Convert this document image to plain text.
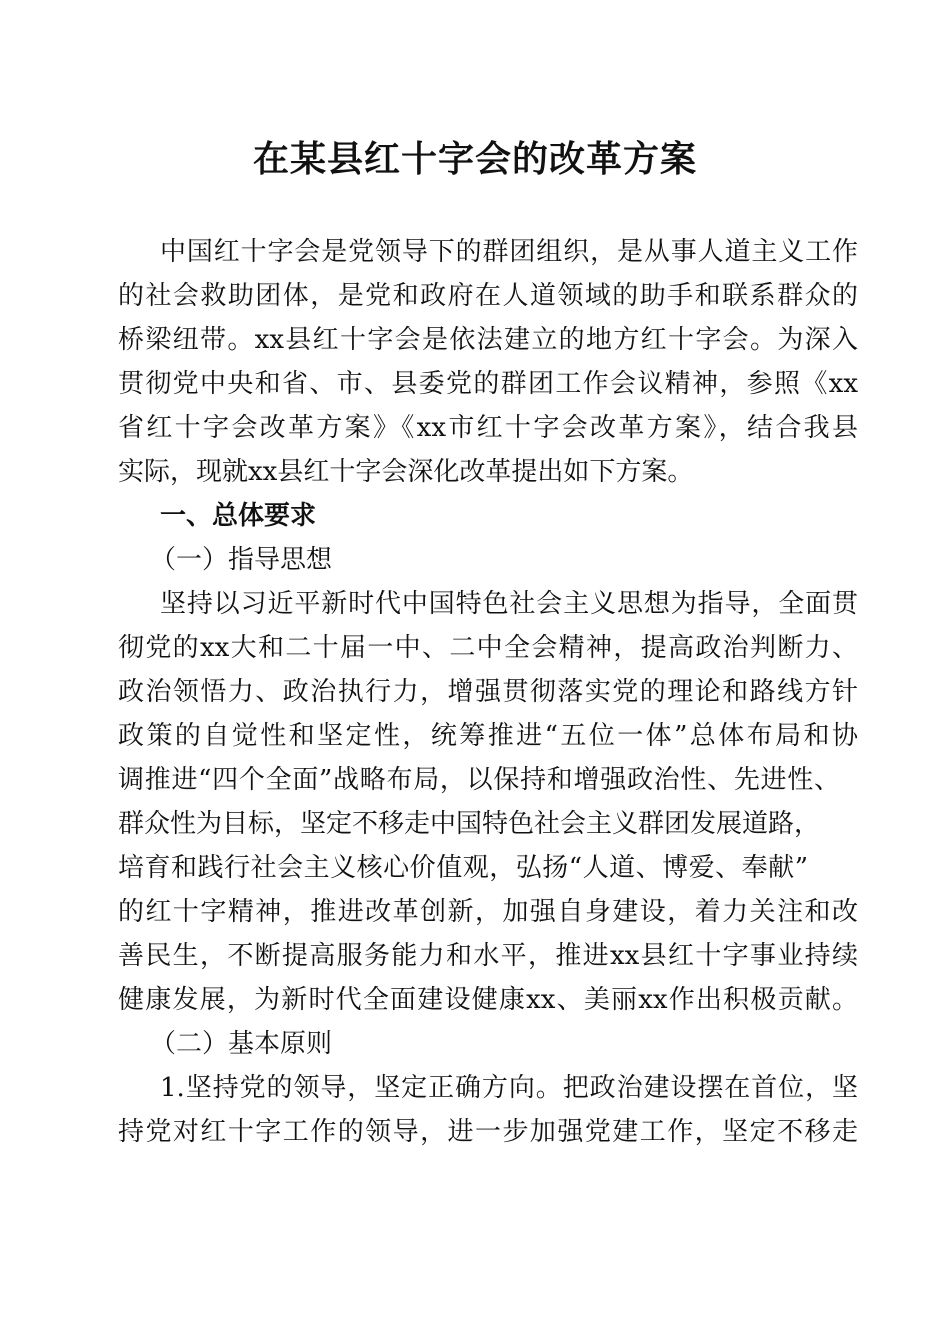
在某县红十字会的改革方案

中国红十字会是党领导下的群团组织，是从事人道主义工作

的社会救助团体，是党和政府在人道领域的助手和联系群众的

桥梁纽带。xx县红十字会是依法建立的地方红十字会。为深入

贯彻党中央和省、市、县委党的群团工作会议精神，参照《xx

省红十字会改革方案》《xx市红十字会改革方案》，结合我县

实际，现就xx县红十字会深化改革提出如下方案。

一、总体要求

（一）指导思想

坚持以习近平新时代中国特色社会主义思想为指导，全面贯

彻党的xx大和二十届一中、二中全会精神，提高政治判断力、

政治领悟力、政治执行力，增强贯彻落实党的理论和路线方针

政策的自觉性和坚定性，统筹推进“五位一体”总体布局和协

调推进“四个全面”战略布局，以保持和增强政治性、先进性、

群众性为目标，坚定不移走中国特色社会主义群团发展道路，

培育和践行社会主义核心价值观，弘扬“人道、博爱、奉献”

的红十字精神，推进改革创新，加强自身建设，着力关注和改

善民生，不断提高服务能力和水平，推进xx县红十字事业持续

健康发展，为新时代全面建设健康xx、美丽xx作出积极贡献。

（二）基本原则

1.坚持党的领导，坚定正确方向。把政治建设摆在首位，坚

持党对红十字工作的领导，进一步加强党建工作，坚定不移走
